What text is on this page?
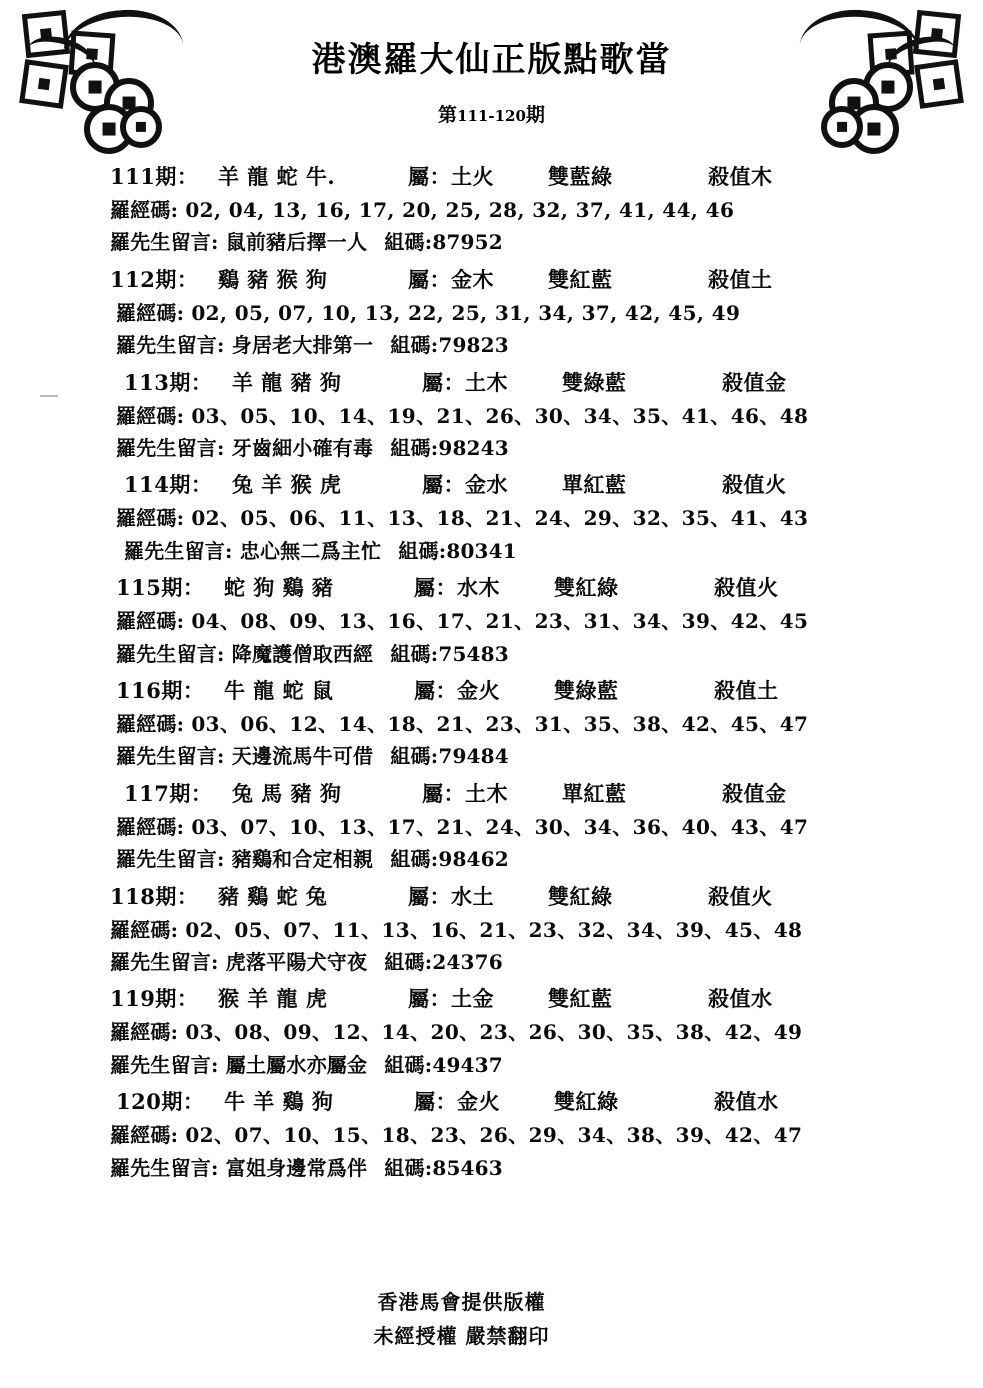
港澳羅大仙正版點歌當
第111-120期
111期： 羊 龍 蛇 牛.	屬：土火	雙藍綠	殺值木
羅經碼: 02, 04, 13, 16, 17, 20, 25, 28, 32, 37, 41, 44, 46
羅先生留言: 鼠前豬后擇一人 組碼:87952
112期： 鷄 豬 猴 狗	屬：金木	雙紅藍	殺值土
羅經碼: 02, 05, 07, 10, 13, 22, 25, 31, 34, 37, 42, 45, 49
羅先生留言: 身居老大排第一 組碼:79823
113期： 羊 龍 豬 狗	屬：土木	雙綠藍	殺值金
羅經碼: 03、05、10、14、19、21、26、30、34、35、41、46、48
羅先生留言: 牙齒細小確有毒 組碼:98243
114期： 兔 羊 猴 虎	屬：金水	單紅藍	殺值火
羅經碼: 02、05、06、11、13、18、21、24、29、32、35、41、43
羅先生留言: 忠心無二爲主忙 組碼:80341
115期： 蛇 狗 鷄 豬	屬：水木	雙紅綠	殺值火
羅經碼: 04、08、09、13、16、17、21、23、31、34、39、42、45
羅先生留言: 降魔護僧取西經 組碼:75483
116期： 牛 龍 蛇 鼠	屬：金火	雙綠藍	殺值土
羅經碼: 03、06、12、14、18、21、23、31、35、38、42、45、47
羅先生留言: 天邊流馬牛可借 組碼:79484
117期： 兔 馬 豬 狗	屬：土木	單紅藍	殺值金
羅經碼: 03、07、10、13、17、21、24、30、34、36、40、43、47
羅先生留言: 豬鷄和合定相親 組碼:98462
118期： 豬 鷄 蛇 兔	屬：水土	雙紅綠	殺值火
羅經碼: 02、05、07、11、13、16、21、23、32、34、39、45、48
羅先生留言: 虎落平陽犬守夜 組碼:24376
119期： 猴 羊 龍 虎	屬：土金	雙紅藍	殺值水
羅經碼: 03、08、09、12、14、20、23、26、30、35、38、42、49
羅先生留言: 屬土屬水亦屬金 組碼:49437
120期： 牛 羊 鷄 狗	屬：金火	雙紅綠	殺值水
羅經碼: 02、07、10、15、18、23、26、29、34、38、39、42、47
羅先生留言: 富姐身邊常爲伴 組碼:85463
香港馬會提供版權
未經授權 嚴禁翻印
